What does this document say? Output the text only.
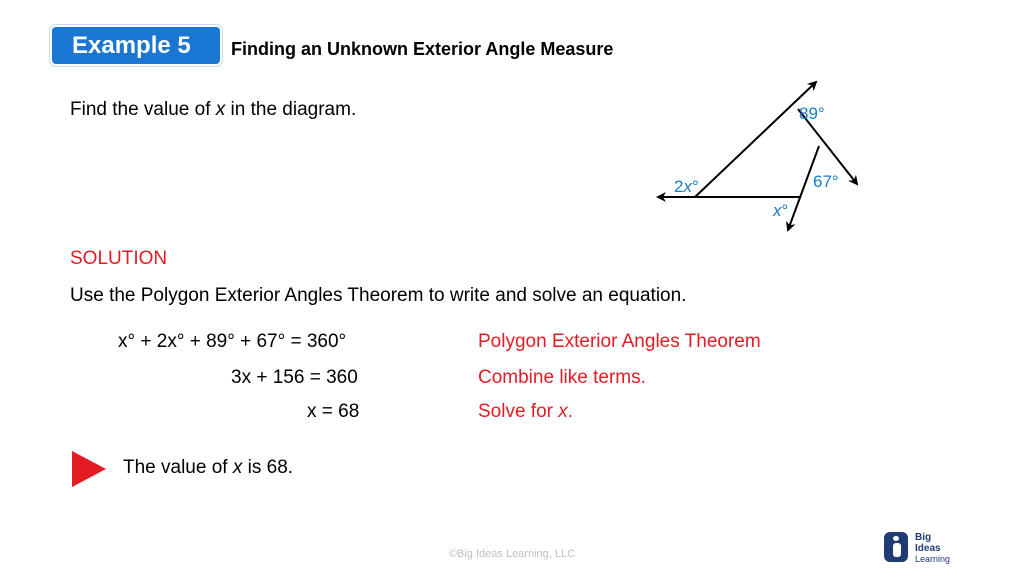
Example 5 Finding an Unknown Exterior Angle Measure
Find the value of x in the diagram.	89°
67°
2x°
x°
SOLUTION
Use the Polygon Exterior Angles Theorem to write and solve an equation.
x° + 2x° + 89° + 67° = 360°	Polygon Exterior Angles Theorem
3x + 156 = 360	Combine like terms.
x = 68	Solve for x.
The value of x is 68.
©Big Ideas Learning, LLC
Big
Ideas
Learning
